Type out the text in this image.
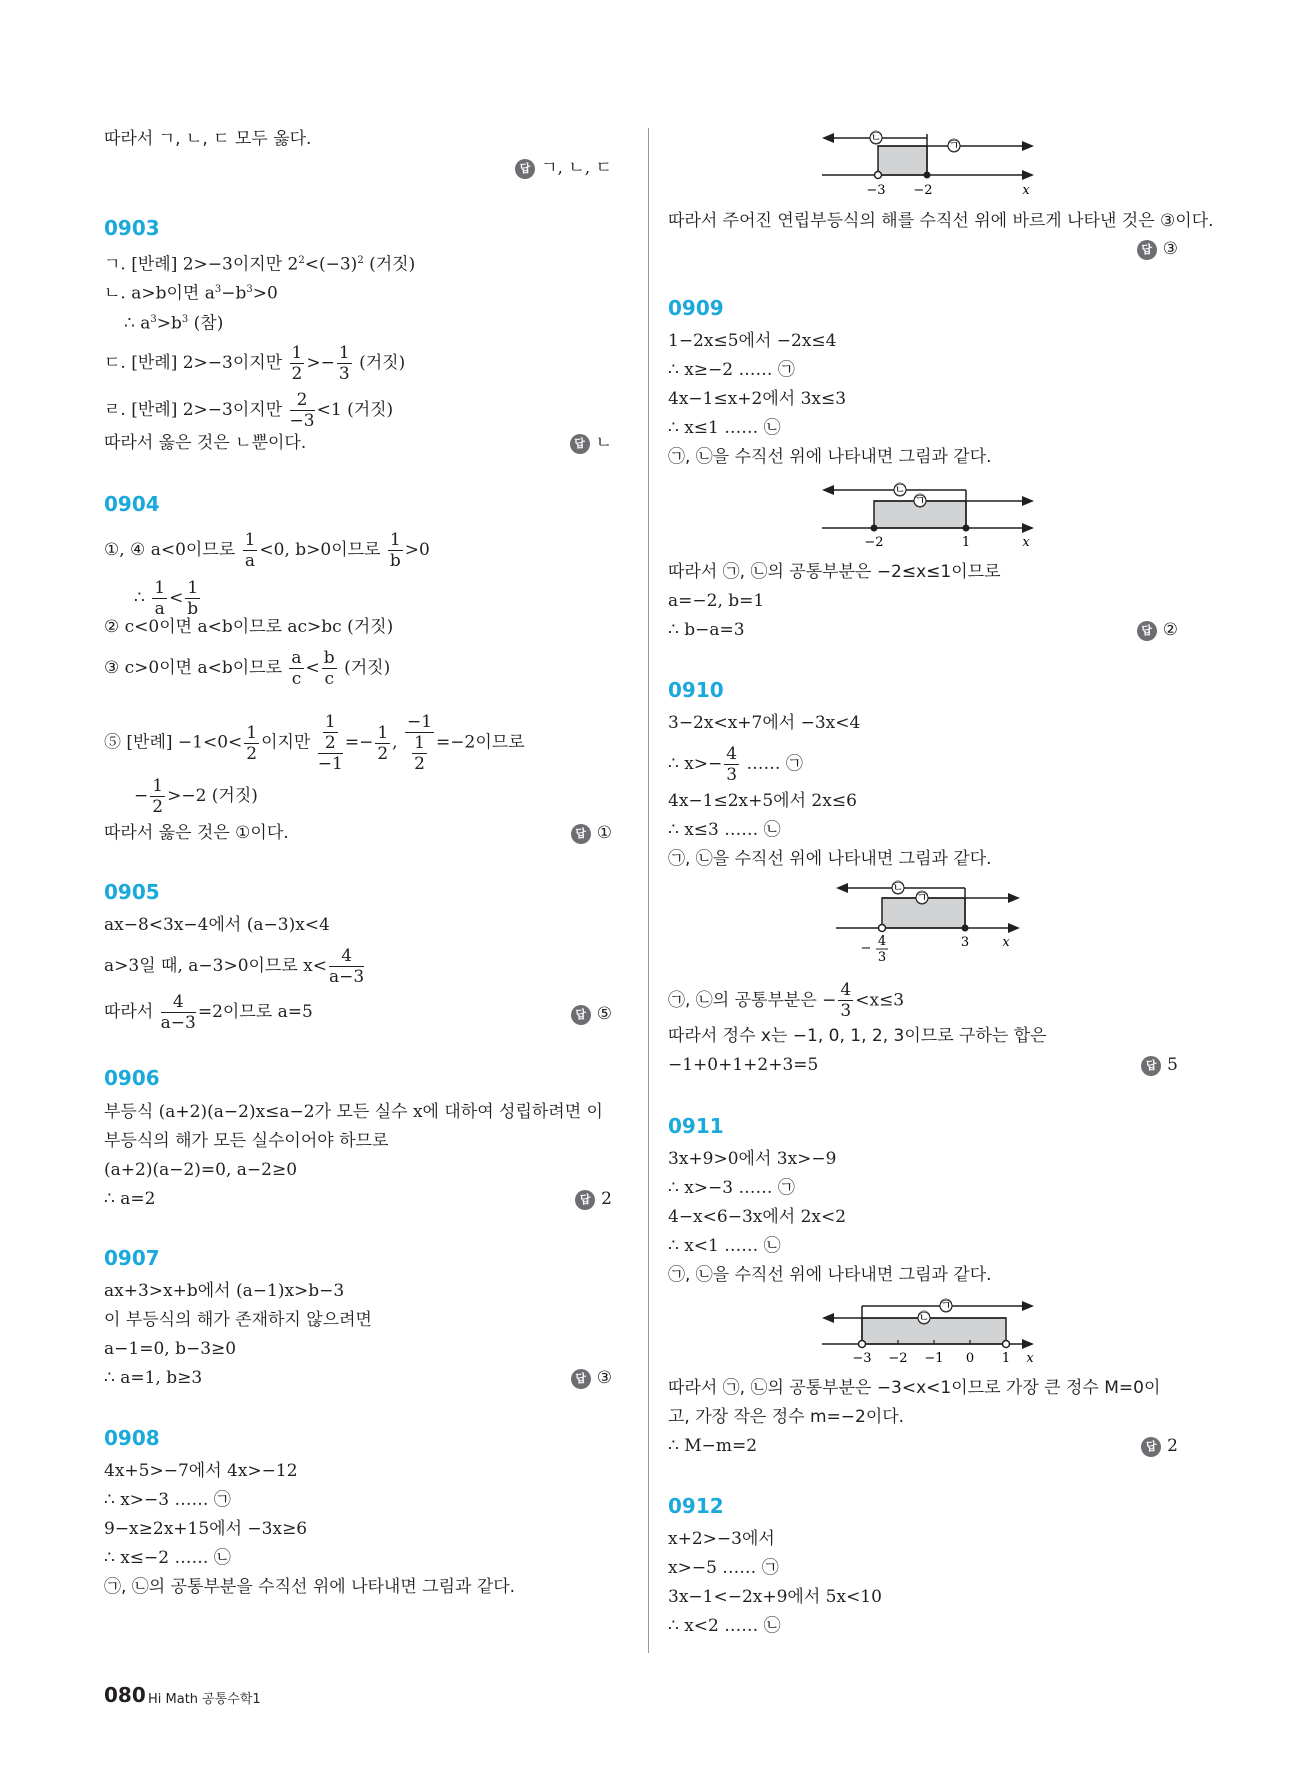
따라서 ㄱ, ㄴ, ㄷ 모두 옳다.
답 ㄱ, ㄴ, ㄷ
0903
ㄱ. [반례] 2>−3이지만 $2^2<(-3)^2$ (거짓)
ㄴ. a>b이면 $a^3-b^3>0$
∴ $a^3>b^3$ (참)
ㄷ. [반례] 2>−3이지만 $\frac{1}{2} >- \frac{1}{3}$ (거짓)
ㄹ. [반례] 2>−3이지만 $\frac{2}{-3} <1$ (거짓)
따라서 옳은 것은 ㄴ뿐이다.	답 ㄴ
0904
①, ④ a<0이므로 $\frac{1}{a} <0$, b>0이므로 $\frac{1}{b} >0$
∴ $\frac{1}{a} < \frac{1}{b}$
② c<0이면 a<b이므로 ac>bc (거짓)
③ c>0이면 a<b이므로 $\frac{a}{c} < \frac{b}{c}$ (거짓)
⑤ [반례] $-1<0< \frac{1}{2}$ 이지만 $\frac{\frac{1}{2}}{-1} =- \frac{1}{2}$ , $\frac{-1}{\frac{1}{2}} =-2$이므로
− $\frac{1}{2} >-2$ (거짓)
따라서 옳은 것은 ①이다.	답 ①
0905
ax−8<3x−4에서 (a−3)x<4
a>3일 때, a−3>0이므로 $x< \frac{4}{a-3}$
따라서 $\frac{4}{a-3} =2$이므로 a=5	답 ⑤
0906
부등식 (a+2)(a−2)x≤a−2가 모든 실수 x에 대하여 성립하려면 이
부등식의 해가 모든 실수이어야 하므로
(a+2)(a−2)=0, a−2≥0
∴ a=2	답 2
0907
ax+3>x+b에서 (a−1)x>b−3
이 부등식의 해가 존재하지 않으려면
a−1=0, b−3≥0
∴ a=1, b≥3	답 ③
0908
4x+5>−7에서 4x>−12
∴ x>−3 …… ㉠
9−x≥2x+15에서 −3x≥6
∴ x≤−2 …… ㉡
㉠, ㉡의 공통부분을 수직선 위에 나타내면 그림과 같다.
㉡
㉠
−3 −2	x
따라서 주어진 연립부등식의 해를 수직선 위에 바르게 나타낸 것은 ③이다.
답 ③
0909
1−2x≤5에서 −2x≤4
∴ x≥−2 …… ㉠
4x−1≤x+2에서 3x≤3
∴ x≤1 …… ㉡
㉠, ㉡을 수직선 위에 나타내면 그림과 같다.
㉡
㉠
−2	1	x
따라서 ㉠, ㉡의 공통부분은 −2≤x≤1이므로
a=−2, b=1
∴ b−a=3	답 ②
0910
3−2x<x+7에서 −3x<4
∴ $x>- \frac{4}{3}$ …… ㉠
4x−1≤2x+5에서 2x≤6
∴ x≤3 …… ㉡
㉠, ㉡을 수직선 위에 나타내면 그림과 같다.
㉡
㉠
− 4
3
3	x
㉠, ㉡의 공통부분은 − $\frac{4}{3} <x\le 3$
따라서 정수 x는 −1, 0, 1, 2, 3이므로 구하는 합은
−1+0+1+2+3=5	답 5
0911
3x+9>0에서 3x>−9
∴ x>−3 …… ㉠
4−x<6−3x에서 2x<2
∴ x<1 …… ㉡
㉠, ㉡을 수직선 위에 나타내면 그림과 같다.
㉠
㉡
−3 −2 −1 0 1 x
따라서 ㉠, ㉡의 공통부분은 −3<x<1이므로 가장 큰 정수 M=0이
고, 가장 작은 정수 m=−2이다.
∴ M−m=2	답 2
0912
x+2>−3에서
x>−5 …… ㉠
3x−1<−2x+9에서 5x<10
∴ x<2 …… ㉡
080 Hi Math 공통수학1
